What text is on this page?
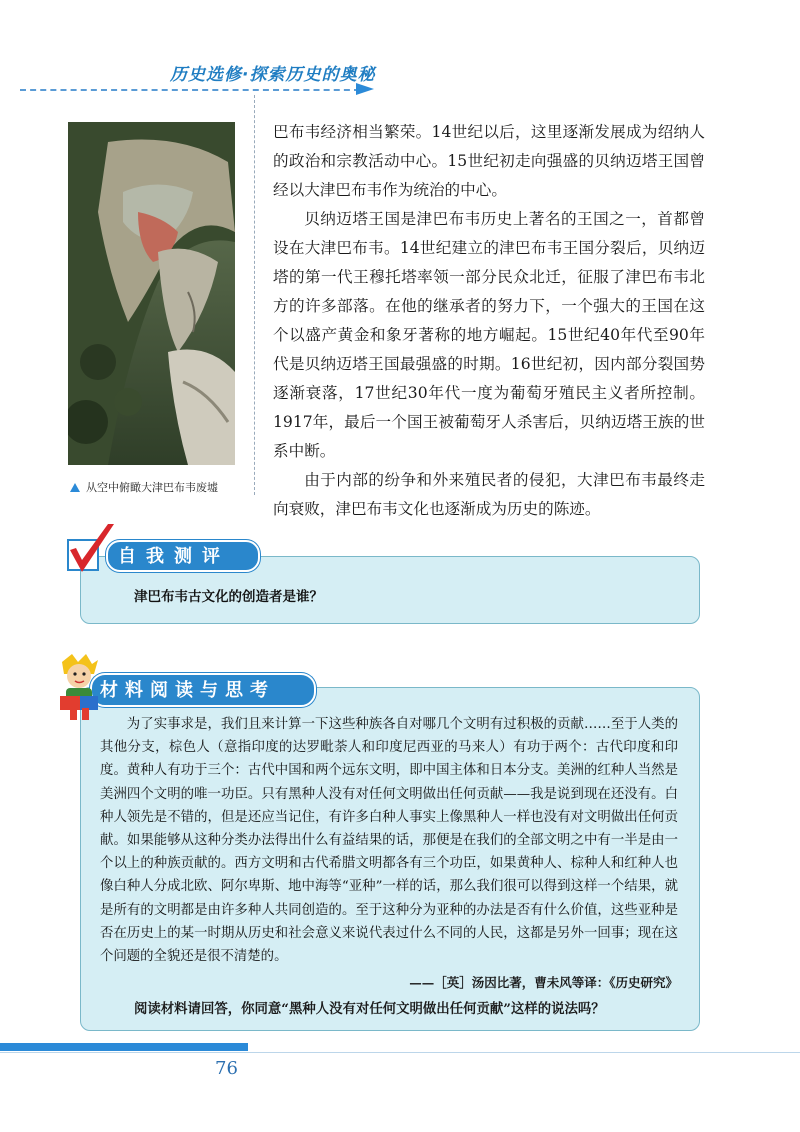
历史选修·探索历史的奥秘
从空中俯瞰大津巴布韦废墟

巴布韦经济相当繁荣。14世纪以后，这里逐渐发展成为绍纳人的政治和宗教活动中心。15世纪初走向强盛的贝纳迈塔王国曾经以大津巴布韦作为统治的中心。

贝纳迈塔王国是津巴布韦历史上著名的王国之一，首都曾设在大津巴布韦。14世纪建立的津巴布韦王国分裂后，贝纳迈塔的第一代王穆托塔率领一部分民众北迁，征服了津巴布韦北方的许多部落。在他的继承者的努力下，一个强大的王国在这个以盛产黄金和象牙著称的地方崛起。15世纪40年代至90年代是贝纳迈塔王国最强盛的时期。16世纪初，因内部分裂国势逐渐衰落，17世纪30年代一度为葡萄牙殖民主义者所控制。1917年，最后一个国王被葡萄牙人杀害后，贝纳迈塔王族的世系中断。

由于内部的纷争和外来殖民者的侵犯，大津巴布韦最终走向衰败，津巴布韦文化也逐渐成为历史的陈迹。

自我测评
津巴布韦古文化的创造者是谁？
材料阅读与思考

为了实事求是，我们且来计算一下这些种族各自对哪几个文明有过积极的贡献……至于人类的其他分支，棕色人（意指印度的达罗毗荼人和印度尼西亚的马来人）有功于两个：古代印度和印度。黄种人有功于三个：古代中国和两个远东文明，即中国主体和日本分支。美洲的红种人当然是美洲四个文明的唯一功臣。只有黑种人没有对任何文明做出任何贡献——我是说到现在还没有。白种人领先是不错的，但是还应当记住，有许多白种人事实上像黑种人一样也没有对文明做出任何贡献。如果能够从这种分类办法得出什么有益结果的话，那便是在我们的全部文明之中有一半是由一个以上的种族贡献的。西方文明和古代希腊文明都各有三个功臣，如果黄种人、棕种人和红种人也像白种人分成北欧、阿尔卑斯、地中海等“亚种”一样的话，那么我们很可以得到这样一个结果，就是所有的文明都是由许多种人共同创造的。至于这种分为亚种的办法是否有什么价值，这些亚种是否在历史上的某一时期从历史和社会意义来说代表过什么不同的人民，这都是另外一回事；现在这个问题的全貌还是很不清楚的。

——［英］汤因比著，曹未风等译：《历史研究》
阅读材料请回答，你同意“黑种人没有对任何文明做出任何贡献”这样的说法吗？
76
